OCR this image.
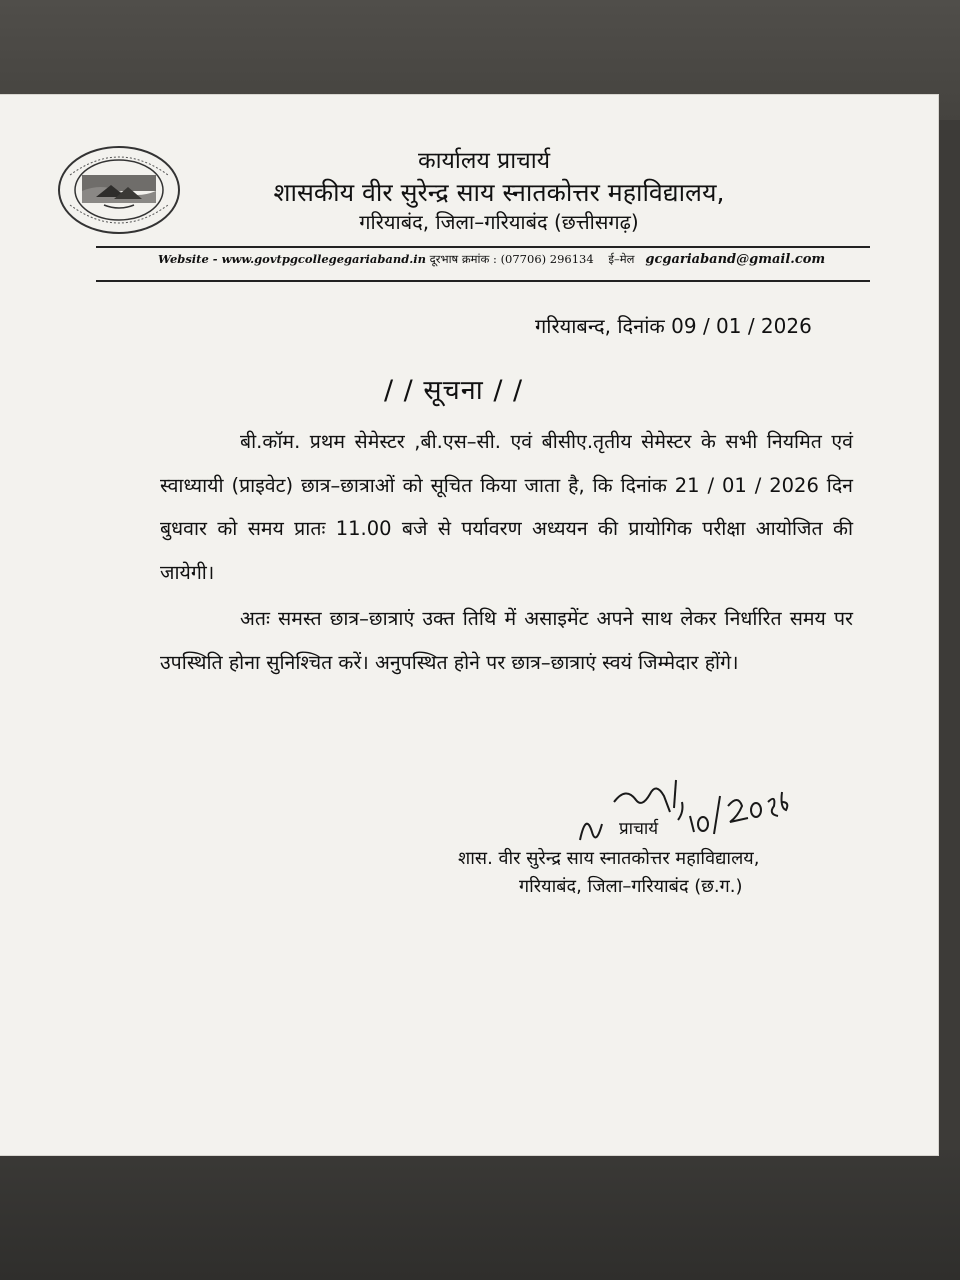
कार्यालय प्राचार्य
शासकीय वीर सुरेन्द्र साय स्नातकोत्तर महाविद्यालय,
गरियाबंद, जिला–गरियाबंद (छत्तीसगढ़)
Website - www.govtpgcollegegariaband.in दूरभाष क्रमांक : (07706) 296134 ई–मेल gcgariaband@gmail.com
गरियाबन्द, दिनांक 09 / 01 / 2026
/ / सूचना / /
बी.कॉम. प्रथम सेमेस्टर ,बी.एस–सी. एवं बीसीए.तृतीय सेमेस्टर के सभी नियमित एवं स्वाध्यायी (प्राइवेट) छात्र–छात्राओं को सूचित किया जाता है, कि दिनांक 21 / 01 / 2026 दिन बुधवार को समय प्रातः 11.00 बजे से पर्यावरण अध्ययन की प्रायोगिक परीक्षा आयोजित की जायेगी।
अतः समस्त छात्र–छात्राएं उक्त तिथि में असाइमेंट अपने साथ लेकर निर्धारित समय पर उपस्थिति होना सुनिश्चित करें। अनुपस्थित होने पर छात्र–छात्राएं स्वयं जिम्मेदार होंगे।
प्राचार्य
शास. वीर सुरेन्द्र साय स्नातकोत्तर महाविद्यालय,
गरियाबंद, जिला–गरियाबंद (छ.ग.)
